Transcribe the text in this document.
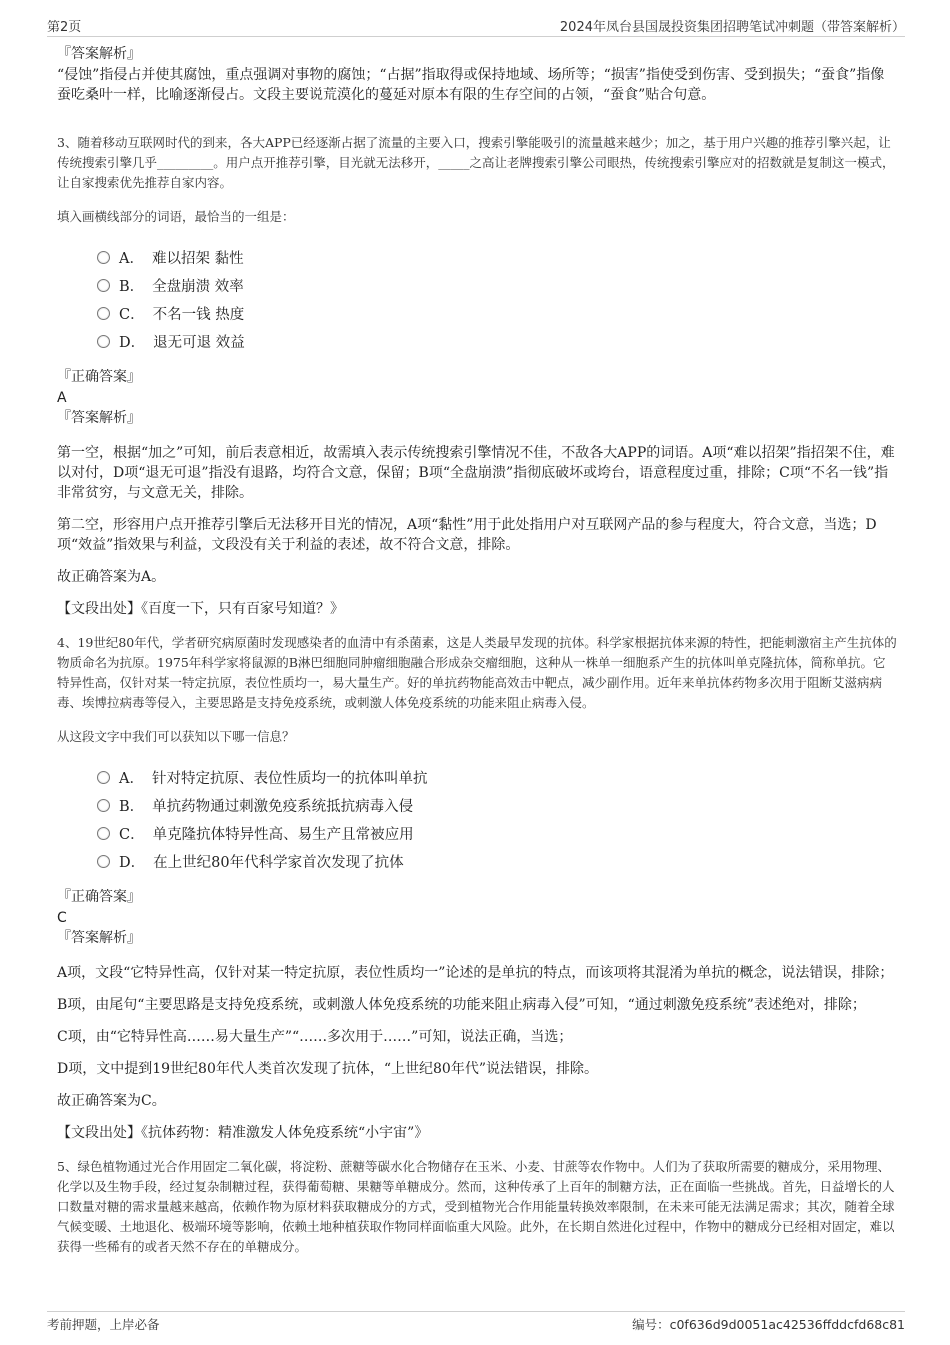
第2页	2024年凤台县国晟投资集团招聘笔试冲刺题（带答案解析）

『答案解析』

“侵蚀”指侵占并使其腐蚀，重点强调对事物的腐蚀；“占据”指取得或保持地域、场所等；“损害”指使受到伤害、受到损失；“蚕食”指像蚕吃桑叶一样，比喻逐渐侵占。文段主要说荒漠化的蔓延对原本有限的生存空间的占领，“蚕食”贴合句意。

3、随着移动互联网时代的到来，各大APP已经逐渐占据了流量的主要入口，搜索引擎能吸引的流量越来越少；加之，基于用户兴趣的推荐引擎兴起，让传统搜索引擎几乎_________。用户点开推荐引擎，目光就无法移开，_____之高让老牌搜索引擎公司眼热，传统搜索引擎应对的招数就是复制这一模式，让自家搜索优先推荐自家内容。

填入画横线部分的词语，最恰当的一组是：

A． 难以招架 黏性
B． 全盘崩溃 效率
C． 不名一钱 热度
D． 退无可退 效益

『正确答案』

A

『答案解析』

第一空，根据“加之”可知，前后表意相近，故需填入表示传统搜索引擎情况不佳，不敌各大APP的词语。A项“难以招架”指招架不住，难以对付，D项“退无可退”指没有退路，均符合文意，保留；B项“全盘崩溃”指彻底破坏或垮台，语意程度过重，排除；C项“不名一钱”指非常贫穷，与文意无关，排除。

第二空，形容用户点开推荐引擎后无法移开目光的情况，A项“黏性”用于此处指用户对互联网产品的参与程度大，符合文意，当选；D项“效益”指效果与利益，文段没有关于利益的表述，故不符合文意，排除。

故正确答案为A。

【文段出处】《百度一下，只有百家号知道？》

4、19世纪80年代，学者研究病原菌时发现感染者的血清中有杀菌素，这是人类最早发现的抗体。科学家根据抗体来源的特性，把能刺激宿主产生抗体的物质命名为抗原。1975年科学家将鼠源的B淋巴细胞同肿瘤细胞融合形成杂交瘤细胞，这种从一株单一细胞系产生的抗体叫单克隆抗体，简称单抗。它特异性高，仅针对某一特定抗原，表位性质均一，易大量生产。好的单抗药物能高效击中靶点，减少副作用。近年来单抗体药物多次用于阻断艾滋病病毒、埃博拉病毒等侵入，主要思路是支持免疫系统，或刺激人体免疫系统的功能来阻止病毒入侵。

从这段文字中我们可以获知以下哪一信息？

A． 针对特定抗原、表位性质均一的抗体叫单抗
B． 单抗药物通过刺激免疫系统抵抗病毒入侵
C． 单克隆抗体特异性高、易生产且常被应用
D． 在上世纪80年代科学家首次发现了抗体

『正确答案』

C

『答案解析』

A项，文段“它特异性高，仅针对某一特定抗原，表位性质均一”论述的是单抗的特点，而该项将其混淆为单抗的概念，说法错误，排除；

B项，由尾句“主要思路是支持免疫系统，或刺激人体免疫系统的功能来阻止病毒入侵”可知，“通过刺激免疫系统”表述绝对，排除；

C项，由“它特异性高……易大量生产”“……多次用于……”可知，说法正确，当选；

D项，文中提到19世纪80年代人类首次发现了抗体，“上世纪80年代”说法错误，排除。

故正确答案为C。

【文段出处】《抗体药物：精准激发人体免疫系统“小宇宙”》

5、绿色植物通过光合作用固定二氧化碳，将淀粉、蔗糖等碳水化合物储存在玉米、小麦、甘蔗等农作物中。人们为了获取所需要的糖成分，采用物理、化学以及生物手段，经过复杂制糖过程，获得葡萄糖、果糖等单糖成分。然而，这种传承了上百年的制糖方法，正在面临一些挑战。首先，日益增长的人口数量对糖的需求量越来越高，依赖作物为原材料获取糖成分的方式，受到植物光合作用能量转换效率限制，在未来可能无法满足需求；其次，随着全球气候变暖、土地退化、极端环境等影响，依赖土地种植获取作物同样面临重大风险。此外，在长期自然进化过程中，作物中的糖成分已经相对固定，难以获得一些稀有的或者天然不存在的单糖成分。

考前押题，上岸必备	编号：c0f636d9d0051ac42536ffddcfd68c81
